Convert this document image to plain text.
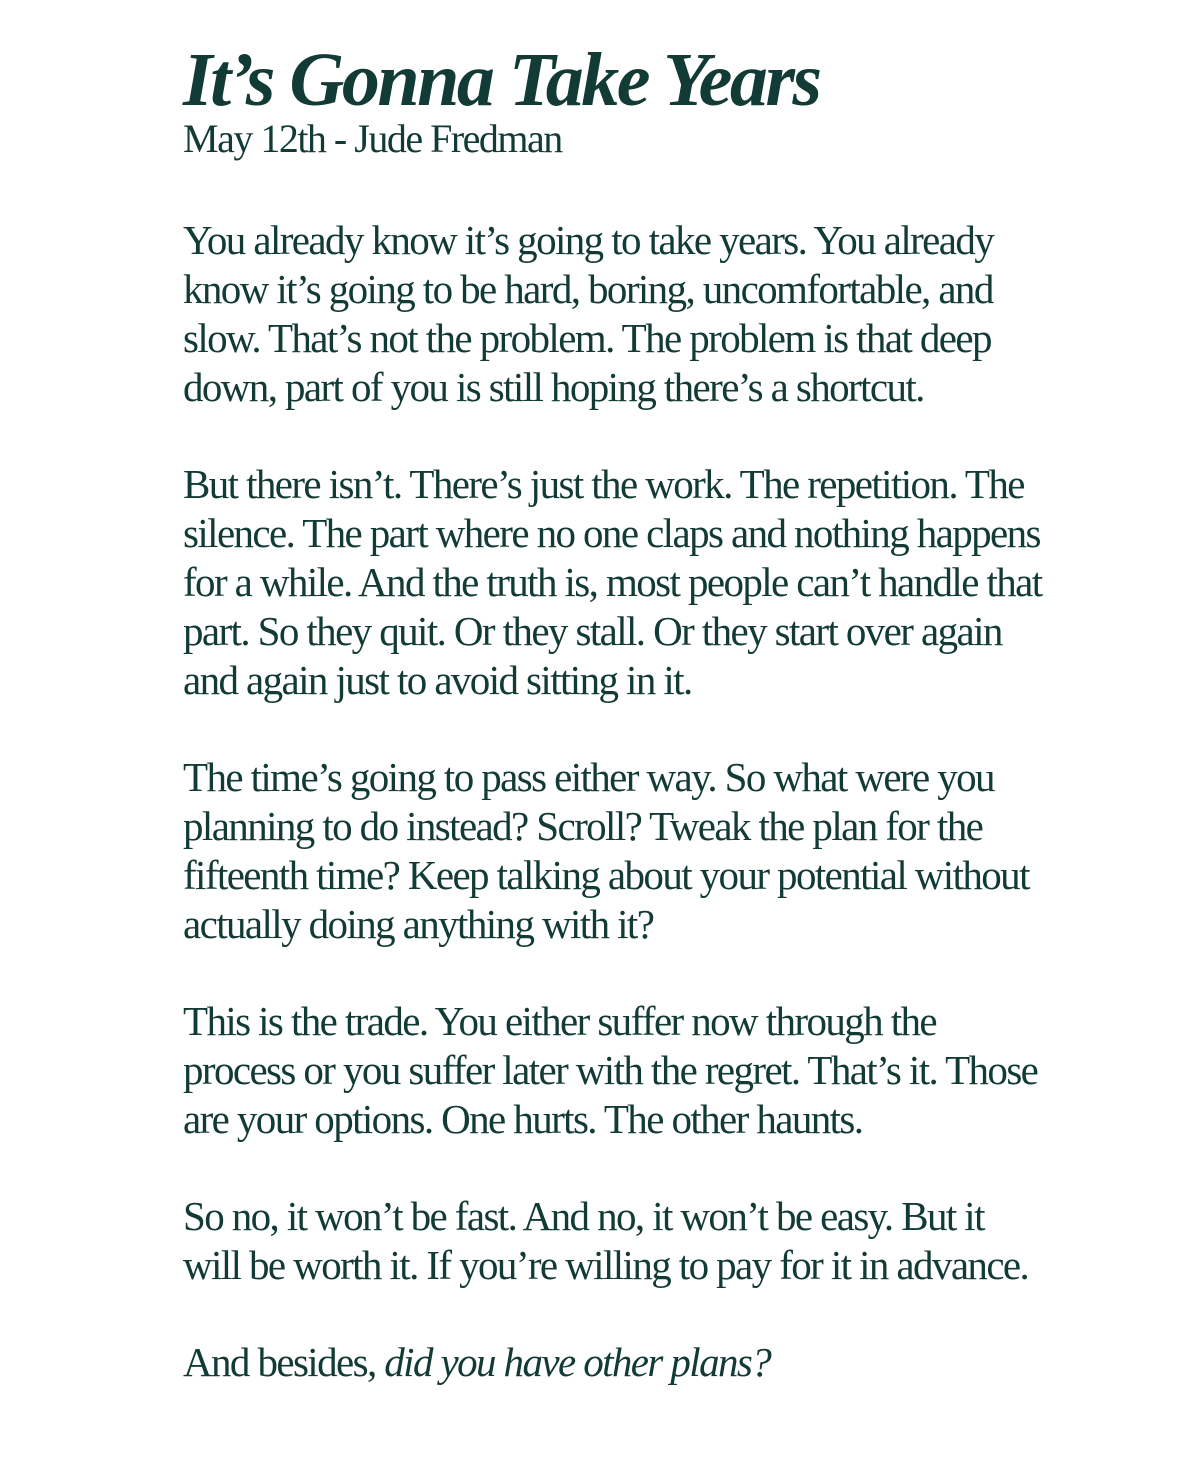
It’s Gonna Take Years
May 12th - Jude Fredman

You already know it’s going to take years. You already
know it’s going to be hard, boring, uncomfortable, and
slow. That’s not the problem. The problem is that deep
down, part of you is still hoping there’s a shortcut.

But there isn’t. There’s just the work. The repetition. The
silence. The part where no one claps and nothing happens
for a while. And the truth is, most people can’t handle that
part. So they quit. Or they stall. Or they start over again
and again just to avoid sitting in it.

The time’s going to pass either way. So what were you
planning to do instead? Scroll? Tweak the plan for the
fifteenth time? Keep talking about your potential without
actually doing anything with it?

This is the trade. You either suffer now through the
process or you suffer later with the regret. That’s it. Those
are your options. One hurts. The other haunts.

So no, it won’t be fast. And no, it won’t be easy. But it
will be worth it. If you’re willing to pay for it in advance.

And besides, did you have other plans?
